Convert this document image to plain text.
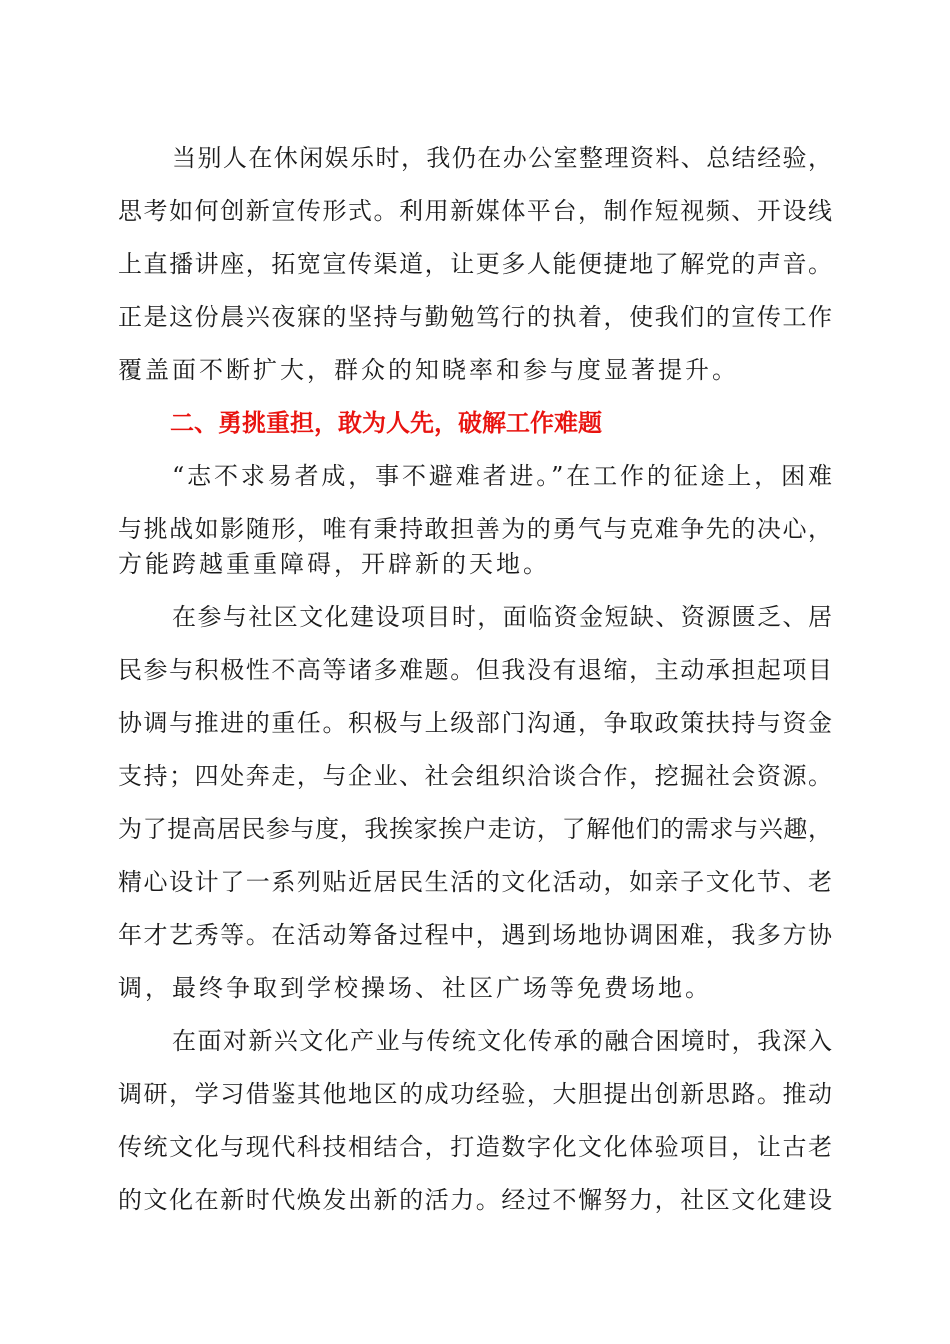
当别人在休闲娱乐时，我仍在办公室整理资料、总结经验，
思考如何创新宣传形式。利用新媒体平台，制作短视频、开设线
上直播讲座，拓宽宣传渠道，让更多人能便捷地了解党的声音。
正是这份晨兴夜寐的坚持与勤勉笃行的执着，使我们的宣传工作
覆盖面不断扩大，群众的知晓率和参与度显著提升。
二、勇挑重担，敢为人先，破解工作难题
“志不求易者成，事不避难者进。”在工作的征途上，困难
与挑战如影随形，唯有秉持敢担善为的勇气与克难争先的决心，
方能跨越重重障碍，开辟新的天地。
在参与社区文化建设项目时，面临资金短缺、资源匮乏、居
民参与积极性不高等诸多难题。但我没有退缩，主动承担起项目
协调与推进的重任。积极与上级部门沟通，争取政策扶持与资金
支持；四处奔走，与企业、社会组织洽谈合作，挖掘社会资源。
为了提高居民参与度，我挨家挨户走访，了解他们的需求与兴趣，
精心设计了一系列贴近居民生活的文化活动，如亲子文化节、老
年才艺秀等。在活动筹备过程中，遇到场地协调困难，我多方协
调，最终争取到学校操场、社区广场等免费场地。
在面对新兴文化产业与传统文化传承的融合困境时，我深入
调研，学习借鉴其他地区的成功经验，大胆提出创新思路。推动
传统文化与现代科技相结合，打造数字化文化体验项目，让古老
的文化在新时代焕发出新的活力。经过不懈努力，社区文化建设
